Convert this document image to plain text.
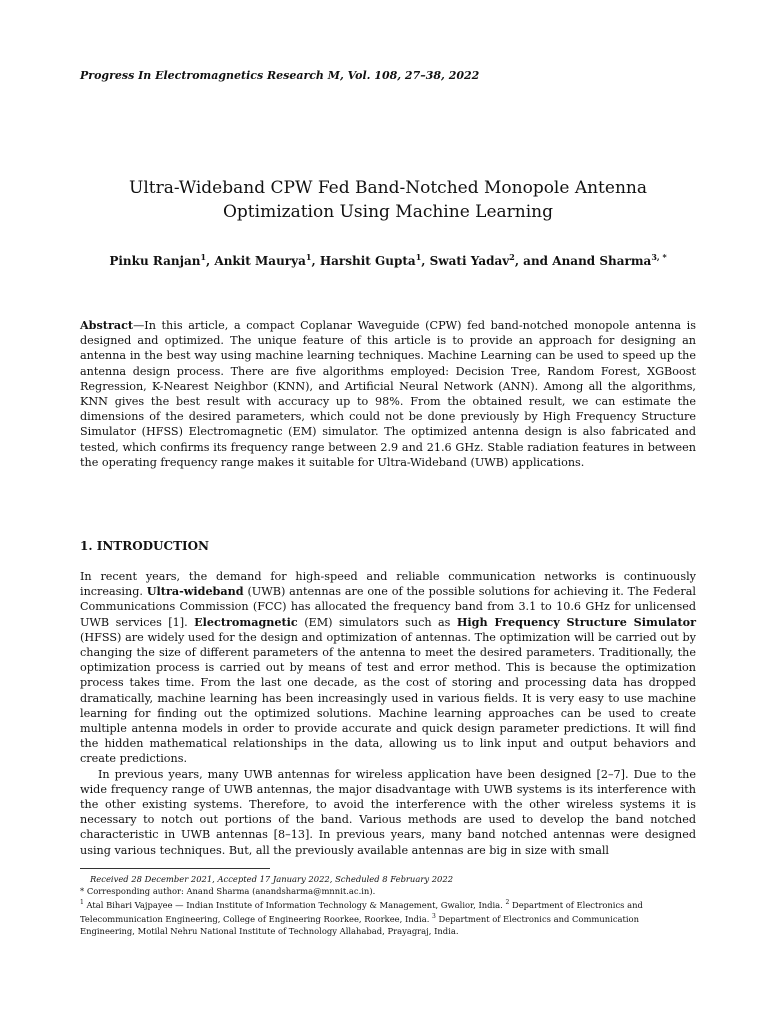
Progress In Electromagnetics Research M, Vol. 108, 27–38, 2022
Ultra-Wideband CPW Fed Band-Notched Monopole Antenna
Optimization Using Machine Learning
Pinku Ranjan$^1$, Ankit Maurya$^1$, Harshit Gupta$^1$, Swati Yadav$^2$, and Anand Sharma$^{3, *}$
Abstract—In this article, a compact Coplanar Waveguide (CPW) fed band-notched monopole antenna is designed and optimized. The unique feature of this article is to provide an approach for designing an antenna in the best way using machine learning techniques. Machine Learning can be used to speed up the antenna design process. There are five algorithms employed: Decision Tree, Random Forest, XGBoost Regression, K-Nearest Neighbor (KNN), and Artificial Neural Network (ANN). Among all the algorithms, KNN gives the best result with accuracy up to 98%. From the obtained result, we can estimate the dimensions of the desired parameters, which could not be done previously by High Frequency Structure Simulator (HFSS) Electromagnetic (EM) simulator. The optimized antenna design is also fabricated and tested, which confirms its frequency range between 2.9 and 21.6 GHz. Stable radiation features in between the operating frequency range makes it suitable for Ultra-Wideband (UWB) applications.
1. INTRODUCTION

In recent years, the demand for high-speed and reliable communication networks is continuously increasing. Ultra-wideband (UWB) antennas are one of the possible solutions for achieving it. The Federal Communications Commission (FCC) has allocated the frequency band from 3.1 to 10.6 GHz for unlicensed UWB services [1]. Electromagnetic (EM) simulators such as High Frequency Structure Simulator (HFSS) are widely used for the design and optimization of antennas. The optimization will be carried out by changing the size of different parameters of the antenna to meet the desired parameters. Traditionally, the optimization process is carried out by means of test and error method. This is because the optimization process takes time. From the last one decade, as the cost of storing and processing data has dropped dramatically, machine learning has been increasingly used in various fields. It is very easy to use machine learning for finding out the optimized solutions. Machine learning approaches can be used to create multiple antenna models in order to provide accurate and quick design parameter predictions. It will find the hidden mathematical relationships in the data, allowing us to link input and output behaviors and create predictions.

In previous years, many UWB antennas for wireless application have been designed [2–7]. Due to the wide frequency range of UWB antennas, the major disadvantage with UWB systems is its interference with the other existing systems. Therefore, to avoid the interference with the other wireless systems it is necessary to notch out portions of the band. Various methods are used to develop the band notched characteristic in UWB antennas [8–13]. In previous years, many band notched antennas were designed using various techniques. But, all the previously available antennas are big in size with small

Received 28 December 2021, Accepted 17 January 2022, Scheduled 8 February 2022
* Corresponding author: Anand Sharma (anandsharma@mnnit.ac.in).
$^1$ Atal Bihari Vajpayee — Indian Institute of Information Technology & Management, Gwalior, India. $^2$ Department of Electronics and Telecommunication Engineering, College of Engineering Roorkee, Roorkee, India. $^3$ Department of Electronics and Communication Engineering, Motilal Nehru National Institute of Technology Allahabad, Prayagraj, India.
